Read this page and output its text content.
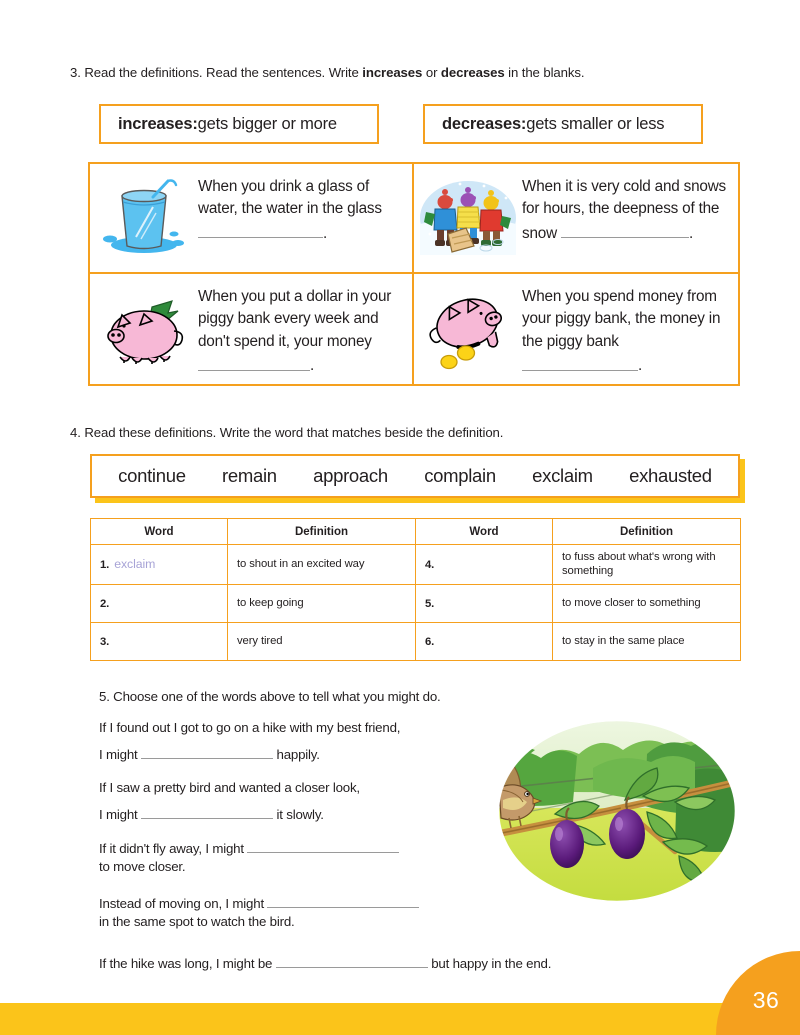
3. Read the definitions. Read the sentences. Write increases or decreases in the blanks.
increases: gets bigger or more	decreases: gets smaller or less
When you drink a glass of water, the water in the glass .
When it is very cold and snows for hours, the deepness of the snow	.
When you put a dollar in your piggy bank every week and don't spend it, your money .
When you spend money from your piggy bank, the money in the piggy bank .
4. Read these definitions. Write the word that matches beside the definition.
continue remain approach complain exclaim exhausted
Word	Definition	Word	Definition
1. exclaim	to shout in an excited way	4.	to fuss about what's wrong with something
2.	to keep going	5.	to move closer to something
3.	very tired	6.	to stay in the same place
5. Choose one of the words above to tell what you might do.
If I found out I got to go on a hike with my best friend,
I might	happily.
If I saw a pretty bird and wanted a closer look,
I might	it slowly.
If it didn't fly away, I might
to move closer.
Instead of moving on, I might
in the same spot to watch the bird.
If the hike was long, I might be	but happy in the end.
36
